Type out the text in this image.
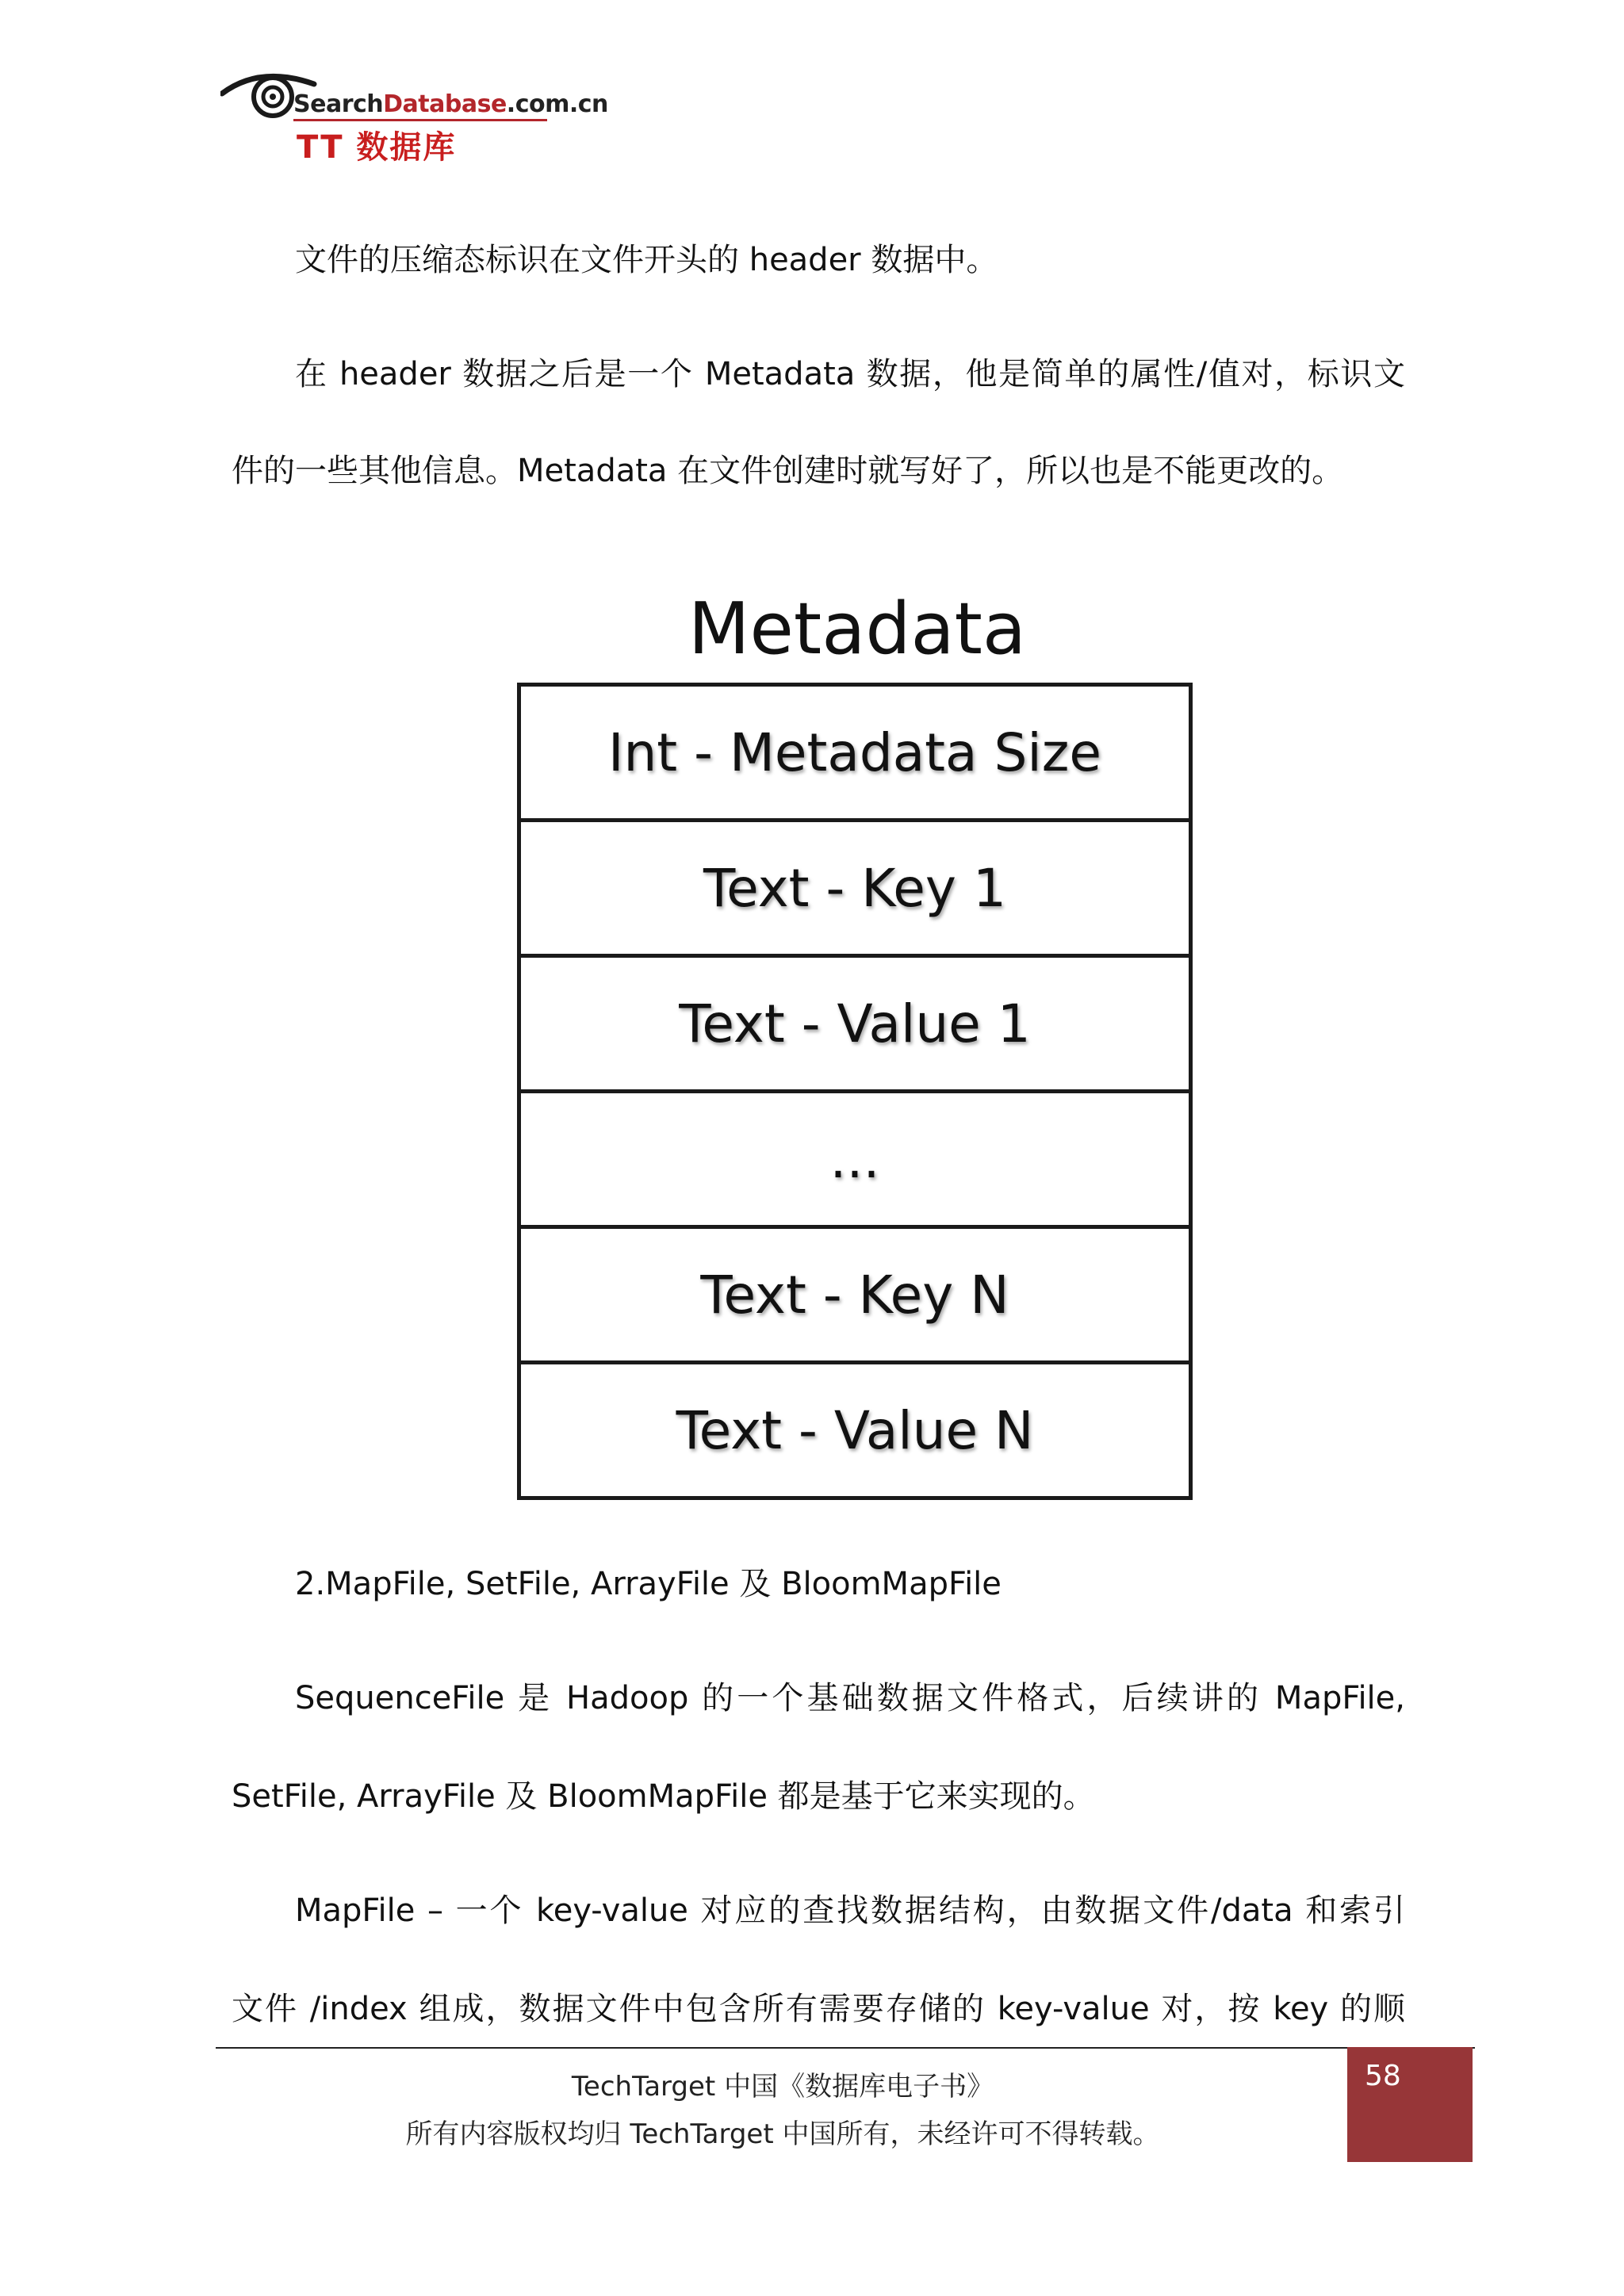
SearchDatabase.com.cn
TT 数据库
文件的压缩态标识在文件开头的 header 数据中。
在 header 数据之后是一个 Metadata 数据，他是简单的属性/值对，标识文
件的一些其他信息。Metadata 在文件创建时就写好了，所以也是不能更改的。
Metadata
Int - Metadata Size
Text - Key 1
Text - Value 1
...
Text - Key N
Text - Value N
2.MapFile, SetFile, ArrayFile 及 BloomMapFile
SequenceFile 是 Hadoop 的一个基础数据文件格式，后续讲的 MapFile,
SetFile, ArrayFile 及 BloomMapFile 都是基于它来实现的。
MapFile – 一个 key-value 对应的查找数据结构，由数据文件/data 和索引
文件 /index 组成，数据文件中包含所有需要存储的 key-value 对，按 key 的顺
TechTarget 中国《数据库电子书》
所有内容版权均归 TechTarget 中国所有，未经许可不得转载。
58
